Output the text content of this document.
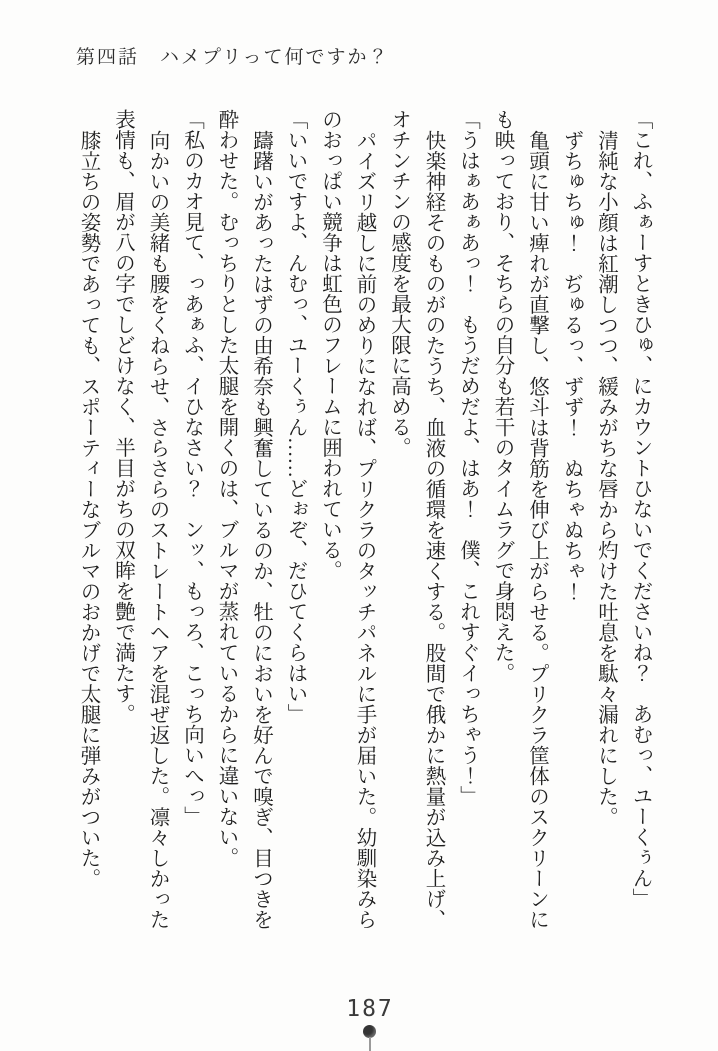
第四話　ハメプリって何ですか？

「これ、ふぁーすときひゅ、にカウントひないでくださいね？　あむっ、ユーくぅん」

清純な小顔は紅潮しつつ、緩みがちな唇から灼けた吐息を駄々漏れにした。

ずちゅちゅ！　ぢゅるっ、ずず！　ぬちゃぬちゃ！

亀頭に甘い痺れが直撃し、悠斗は背筋を伸び上がらせる。プリクラ筐体のスクリーンにも映っており、そちらの自分も若干のタイムラグで身悶えた。

「うはぁあぁあっ！　もうだめだよ、はあ！　僕、これすぐイっちゃう！」

快楽神経そのものがのたうち、血液の循環を速くする。股間で俄かに熱量が込み上げ、オチンチンの感度を最大限に高める。

パイズリ越しに前のめりになれば、プリクラのタッチパネルに手が届いた。幼馴染みらのおっぱい競争は虹色のフレームに囲われている。

「いいですよ、んむっ、ユーくぅん……どぉぞ、だひてくらはい」

躊躇いがあったはずの由希奈も興奮しているのか、牡のにおいを好んで嗅ぎ、目つきを酔わせた。むっちりとした太腿を開くのは、ブルマが蒸れているからに違いない。

「私のカオ見て、っあぁふ、イひなさい？　ンッ、もっろ、こっち向いへっ」

向かいの美緒も腰をくねらせ、さらさらのストレートヘアを混ぜ返した。凛々しかった表情も、眉が八の字でしどけなく、半目がちの双眸を艶で満たす。

膝立ちの姿勢であっても、スポーティーなブルマのおかげで太腿に弾みがついた。

187
